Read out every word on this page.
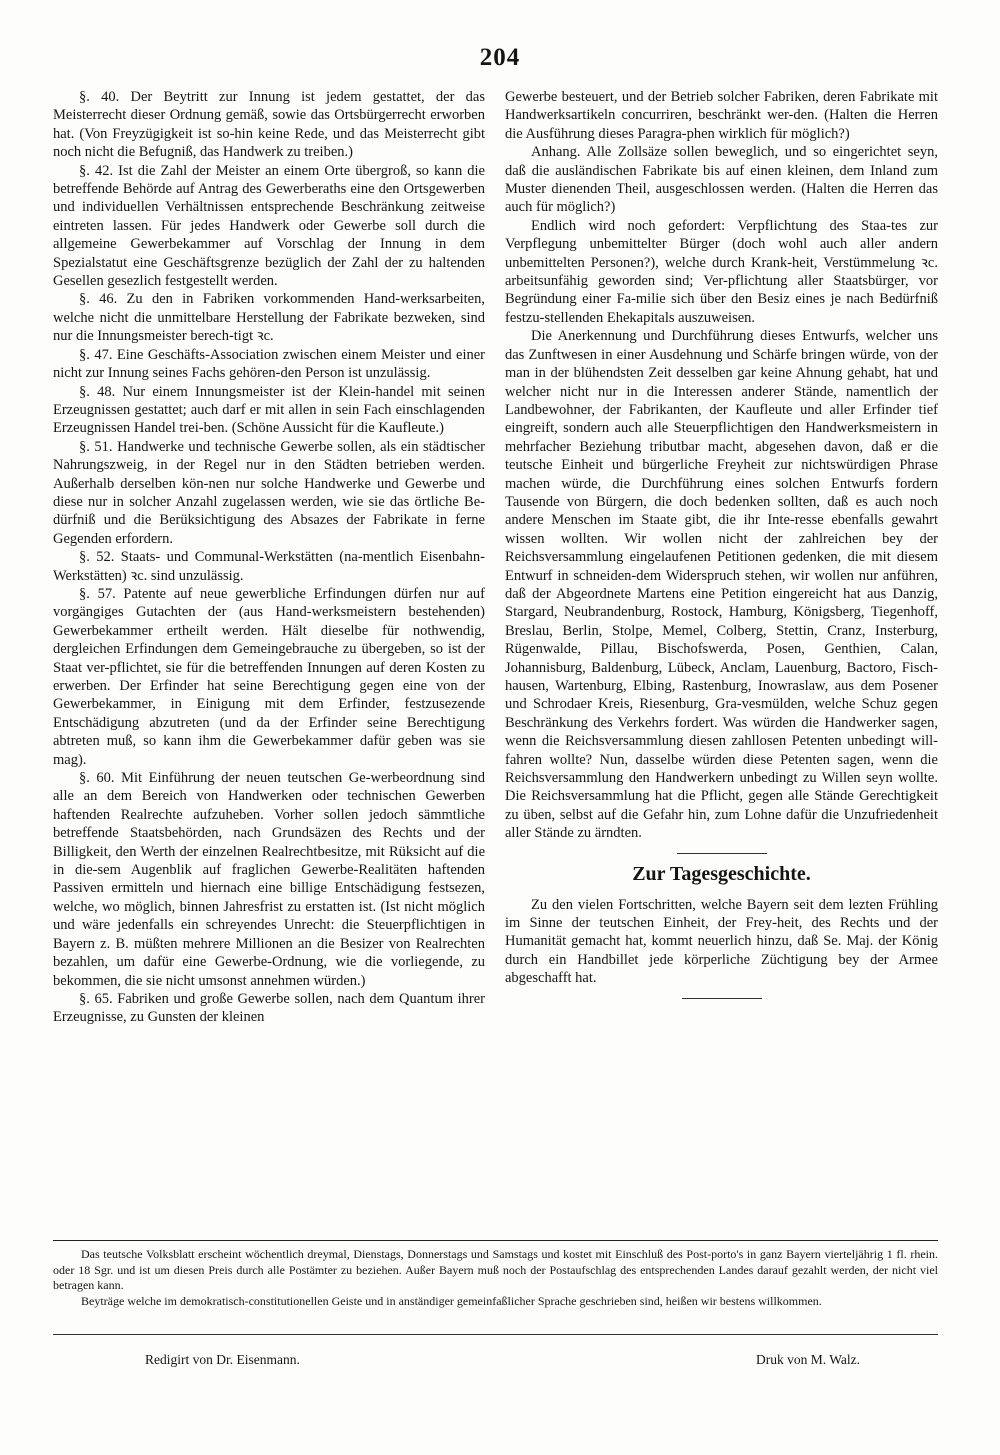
204

§. 40. Der Beytritt zur Innung ist jedem gestattet, der das Meisterrecht dieser Ordnung gemäß, sowie das Ortsbürgerrecht erworben hat. (Von Freyzügigkeit ist so-hin keine Rede, und das Meisterrecht gibt noch nicht die Befugniß, das Handwerk zu treiben.)

§. 42. Ist die Zahl der Meister an einem Orte übergroß, so kann die betreffende Behörde auf Antrag des Gewerberaths eine den Ortsgewerben und individuellen Verhältnissen entsprechende Beschränkung zeitweise eintreten lassen. Für jedes Handwerk oder Gewerbe soll durch die allgemeine Gewerbekammer auf Vorschlag der Innung in dem Spezialstatut eine Geschäftsgrenze bezüglich der Zahl der zu haltenden Gesellen gesezlich festgestellt werden.

§. 46. Zu den in Fabriken vorkommenden Hand-werksarbeiten, welche nicht die unmittelbare Herstellung der Fabrikate bezweken, sind nur die Innungsmeister berech-tigt ꝛc.

§. 47. Eine Geschäfts-Association zwischen einem Meister und einer nicht zur Innung seines Fachs gehören-den Person ist unzulässig.

§. 48. Nur einem Innungsmeister ist der Klein-handel mit seinen Erzeugnissen gestattet; auch darf er mit allen in sein Fach einschlagenden Erzeugnissen Handel trei-ben. (Schöne Aussicht für die Kaufleute.)

§. 51. Handwerke und technische Gewerbe sollen, als ein städtischer Nahrungszweig, in der Regel nur in den Städten betrieben werden. Außerhalb derselben kön-nen nur solche Handwerke und Gewerbe und diese nur in solcher Anzahl zugelassen werden, wie sie das örtliche Be-dürfniß und die Berüksichtigung des Absazes der Fabrikate in ferne Gegenden erfordern.

§. 52. Staats- und Communal-Werkstätten (na-mentlich Eisenbahn-Werkstätten) ꝛc. sind unzulässig.

§. 57. Patente auf neue gewerbliche Erfindungen dürfen nur auf vorgängiges Gutachten der (aus Hand-werksmeistern bestehenden) Gewerbekammer ertheilt werden. Hält dieselbe für nothwendig, dergleichen Erfindungen dem Gemeingebrauche zu übergeben, so ist der Staat ver-pflichtet, sie für die betreffenden Innungen auf deren Kosten zu erwerben. Der Erfinder hat seine Berechtigung gegen eine von der Gewerbekammer, in Einigung mit dem Erfinder, festzusezende Entschädigung abzutreten (und da der Erfinder seine Berechtigung abtreten muß, so kann ihm die Gewerbekammer dafür geben was sie mag).

§. 60. Mit Einführung der neuen teutschen Ge-werbeordnung sind alle an dem Bereich von Handwerken oder technischen Gewerben haftenden Realrechte aufzuheben. Vorher sollen jedoch sämmtliche betreffende Staatsbehörden, nach Grundsäzen des Rechts und der Billigkeit, den Werth der einzelnen Realrechtbesitze, mit Rüksicht auf die in die-sem Augenblik auf fraglichen Gewerbe-Realitäten haftenden Passiven ermitteln und hiernach eine billige Entschädigung festsezen, welche, wo möglich, binnen Jahresfrist zu erstatten ist. (Ist nicht möglich und wäre jedenfalls ein schreyendes Unrecht: die Steuerpflichtigen in Bayern z. B. müßten mehrere Millionen an die Besizer von Realrechten bezahlen, um dafür eine Gewerbe-Ordnung, wie die vorliegende, zu bekommen, die sie nicht umsonst annehmen würden.)

§. 65. Fabriken und große Gewerbe sollen, nach dem Quantum ihrer Erzeugnisse, zu Gunsten der kleinen

Gewerbe besteuert, und der Betrieb solcher Fabriken, deren Fabrikate mit Handwerksartikeln concurriren, beschränkt wer-den. (Halten die Herren die Ausführung dieses Paragra-phen wirklich für möglich?)

Anhang. Alle Zollsäze sollen beweglich, und so eingerichtet seyn, daß die ausländischen Fabrikate bis auf einen kleinen, dem Inland zum Muster dienenden Theil, ausgeschlossen werden. (Halten die Herren das auch für möglich?)

Endlich wird noch gefordert: Verpflichtung des Staa-tes zur Verpflegung unbemittelter Bürger (doch wohl auch aller andern unbemittelten Personen?), welche durch Krank-heit, Verstümmelung ꝛc. arbeitsunfähig geworden sind; Ver-pflichtung aller Staatsbürger, vor Begründung einer Fa-milie sich über den Besiz eines je nach Bedürfniß festzu-stellenden Ehekapitals auszuweisen.

Die Anerkennung und Durchführung dieses Entwurfs, welcher uns das Zunftwesen in einer Ausdehnung und Schärfe bringen würde, von der man in der blühendsten Zeit desselben gar keine Ahnung gehabt, hat und welcher nicht nur in die Interessen anderer Stände, namentlich der Landbewohner, der Fabrikanten, der Kaufleute und aller Erfinder tief eingreift, sondern auch alle Steuerpflichtigen den Handwerksmeistern in mehrfacher Beziehung tributbar macht, abgesehen davon, daß er die teutsche Einheit und bürgerliche Freyheit zur nichtswürdigen Phrase machen würde, die Durchführung eines solchen Entwurfs fordern Tausende von Bürgern, die doch bedenken sollten, daß es auch noch andere Menschen im Staate gibt, die ihr Inte-resse ebenfalls gewahrt wissen wollten. Wir wollen nicht der zahlreichen bey der Reichsversammlung eingelaufenen Petitionen gedenken, die mit diesem Entwurf in schneiden-dem Widerspruch stehen, wir wollen nur anführen, daß der Abgeordnete Martens eine Petition eingereicht hat aus Danzig, Stargard, Neubrandenburg, Rostock, Hamburg, Königsberg, Tiegenhoff, Breslau, Berlin, Stolpe, Memel, Colberg, Stettin, Cranz, Insterburg, Rügenwalde, Pillau, Bischofswerda, Posen, Genthien, Calan, Johannisburg, Baldenburg, Lübeck, Anclam, Lauenburg, Bactoro, Fisch-hausen, Wartenburg, Elbing, Rastenburg, Inowraslaw, aus dem Posener und Schrodaer Kreis, Riesenburg, Gra-vesmülden, welche Schuz gegen Beschränkung des Verkehrs fordert. Was würden die Handwerker sagen, wenn die Reichsversammlung diesen zahllosen Petenten unbedingt will-fahren wollte? Nun, dasselbe würden diese Petenten sagen, wenn die Reichsversammlung den Handwerkern unbedingt zu Willen seyn wollte. Die Reichsversammlung hat die Pflicht, gegen alle Stände Gerechtigkeit zu üben, selbst auf die Gefahr hin, zum Lohne dafür die Unzufriedenheit aller Stände zu ärndten.

Zur Tagesgeschichte.

Zu den vielen Fortschritten, welche Bayern seit dem lezten Frühling im Sinne der teutschen Einheit, der Frey-heit, des Rechts und der Humanität gemacht hat, kommt neuerlich hinzu, daß Se. Maj. der König durch ein Handbillet jede körperliche Züchtigung bey der Armee abgeschafft hat.

Das teutsche Volksblatt erscheint wöchentlich dreymal, Dienstags, Donnerstags und Samstags und kostet mit Einschluß des Post-porto's in ganz Bayern vierteljährig 1 fl. rhein. oder 18 Sgr. und ist um diesen Preis durch alle Postämter zu beziehen. Außer Bayern muß noch der Postaufschlag des entsprechenden Landes darauf gezahlt werden, der nicht viel betragen kann.

Beyträge welche im demokratisch-constitutionellen Geiste und in anständiger gemeinfaßlicher Sprache geschrieben sind, heißen wir bestens willkommen.

Redigirt von Dr. Eisenmann.	Druk von M. Walz.
